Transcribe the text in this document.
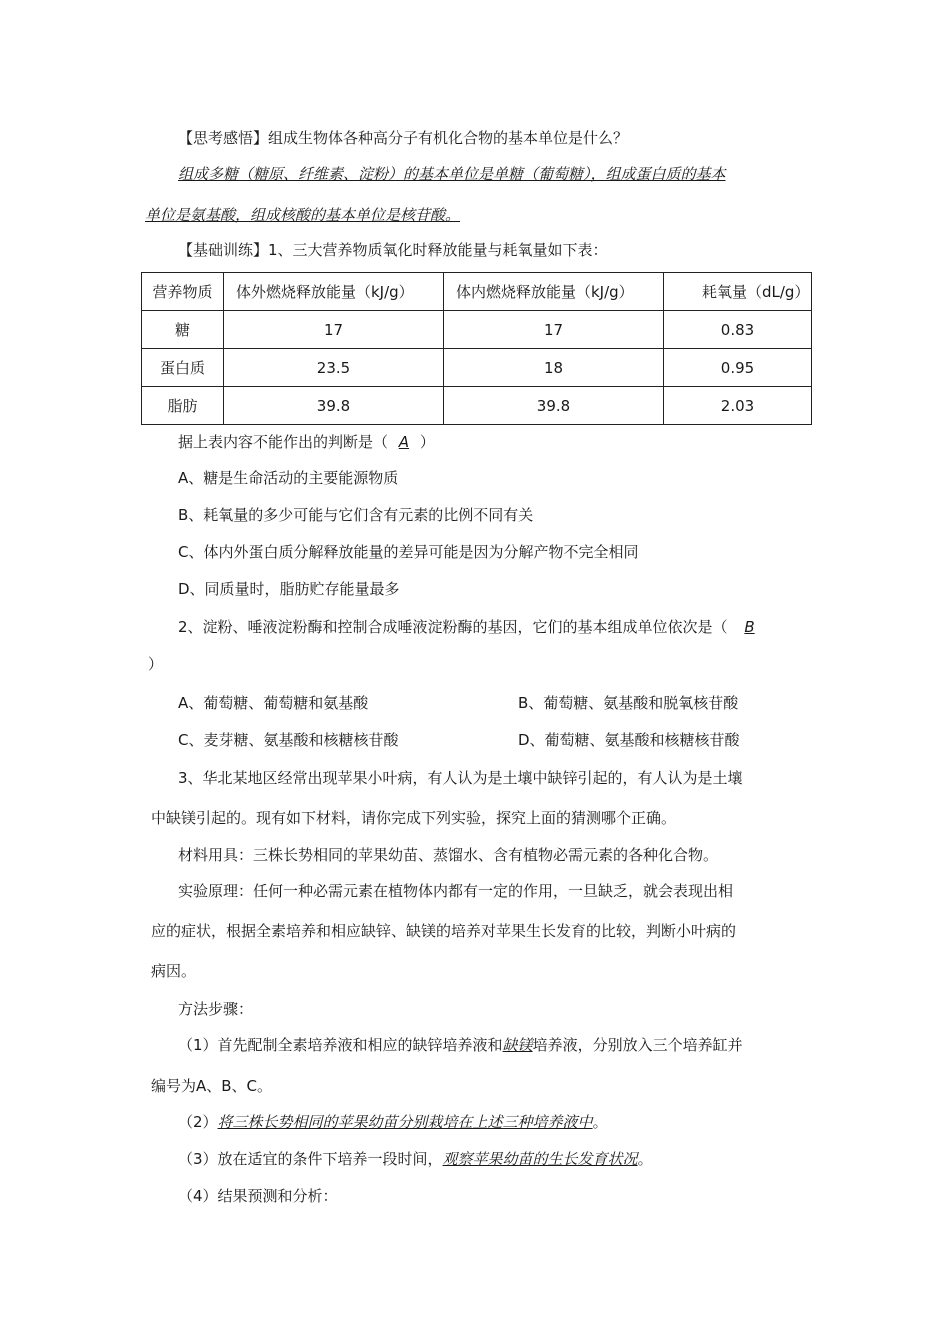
【思考感悟】组成生物体各种高分子有机化合物的基本单位是什么？
组成多糖（糖原、纤维素、淀粉）的基本单位是单糖（葡萄糖），组成蛋白质的基本
单位是氨基酸，组成核酸的基本单位是核苷酸。
【基础训练】1、三大营养物质氧化时释放能量与耗氧量如下表：
营养物质	体外燃烧释放能量（kJ/g）	体内燃烧释放能量（kJ/g）	耗氧量（dL/g）
糖	17	17	0.83
蛋白质	23.5	18	0.95
脂肪	39.8	39.8	2.03
据上表内容不能作出的判断是（ A ）
A、糖是生命活动的主要能源物质
B、耗氧量的多少可能与它们含有元素的比例不同有关
C、体内外蛋白质分解释放能量的差异可能是因为分解产物不完全相同
D、同质量时，脂肪贮存能量最多
2、淀粉、唾液淀粉酶和控制合成唾液淀粉酶的基因，它们的基本组成单位依次是（ B
）
A、葡萄糖、葡萄糖和氨基酸	B、葡萄糖、氨基酸和脱氧核苷酸
C、麦芽糖、氨基酸和核糖核苷酸	D、葡萄糖、氨基酸和核糖核苷酸
3、华北某地区经常出现苹果小叶病，有人认为是土壤中缺锌引起的，有人认为是土壤
中缺镁引起的。现有如下材料，请你完成下列实验，探究上面的猜测哪个正确。
材料用具：三株长势相同的苹果幼苗、蒸馏水、含有植物必需元素的各种化合物。
实验原理：任何一种必需元素在植物体内都有一定的作用，一旦缺乏，就会表现出相
应的症状，根据全素培养和相应缺锌、缺镁的培养对苹果生长发育的比较，判断小叶病的
病因。
方法步骤：
（1）首先配制全素培养液和相应的缺锌培养液和缺镁培养液，分别放入三个培养缸并
编号为A、B、C。
（2）将三株长势相同的苹果幼苗分别栽培在上述三种培养液中。
（3）放在适宜的条件下培养一段时间，观察苹果幼苗的生长发育状况。
（4）结果预测和分析：
